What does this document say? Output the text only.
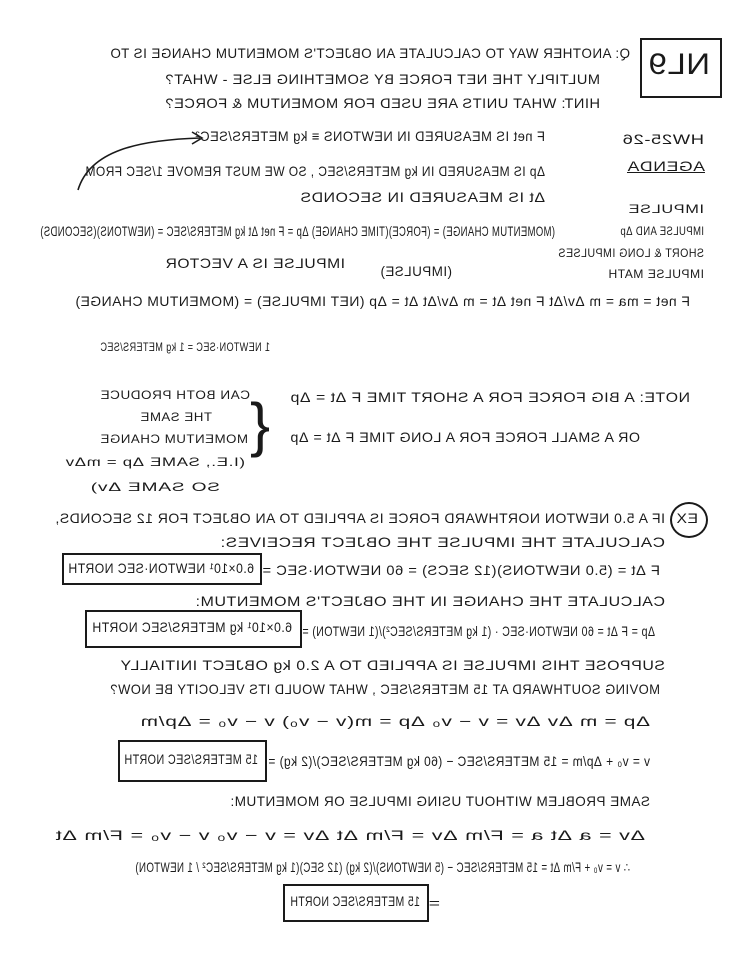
NL9
Q: ANOTHER WAY TO CALCULATE AN OBJECT'S MOMENTUM CHANGE IS TO
MULTIPLY THE NET FORCE BY SOMETHING ELSE - WHAT?
HINT: WHAT UNITS ARE USED FOR MOMENTUM & FORCE?
HW25-26
AGENDA
IMPULSE
IMPULSE AND Δp
SHORT & LONG IMPULSES
IMPULSE MATH
F net IS MEASURED IN NEWTONS ≡ kg METERS/SEC²
Δp IS MEASURED IN kg METERS/SEC , SO WE MUST REMOVE 1/SEC FROM
Δt IS MEASURED IN SECONDS
(MOMENTUM CHANGE) = (FORCE)(TIME CHANGE) Δp = F net Δt kg METERS/SEC = (NEWTONS)(SECONDS)
IMPULSE IS A VECTOR	(IMPULSE)
F net = ma = m Δv/Δt F net Δt = m Δv/Δt Δt = Δp (NET IMPULSE) = (MOMENTUM CHANGE)
1 NEWTON·SEC = 1 kg METERS/SEC
NOTE: A BIG FORCE FOR A SHORT TIME F Δt = Δp
OR A SMALL FORCE FOR A LONG TIME F Δt = Δp
{
CAN BOTH PRODUCE
THE SAME
MOMENTUM CHANGE
(I.E., SAME Δp = mΔv
SO SAME Δv)
EX
IF A 5.0 NEWTON NORTHWARD FORCE IS APPLIED TO AN OBJECT FOR 12 SECONDS,
CALCULATE THE IMPULSE THE OBJECT RECEIVES:
F Δt = (5.0 NEWTONS)(12 SECS) = 60 NEWTON·SEC =
6.0×10¹ NEWTON·SEC NORTH
CALCULATE THE CHANGE IN THE OBJECT'S MOMENTUM:
Δp = F Δt = 60 NEWTON·SEC · (1 kg METERS/SEC²)/(1 NEWTON) =
6.0×10¹ kg METERS/SEC NORTH
SUPPOSE THIS IMPULSE IS APPLIED TO A 2.0 kg OBJECT INITIALLY
MOVING SOUTHWARD AT 15 METERS/SEC , WHAT WOULD ITS VELOCITY BE NOW?
Δp = m Δv Δv = v − v₀ Δp = m(v − v₀) v − v₀ = Δp/m
v = v₀ + Δp/m = 15 METERS/SEC − (60 kg METERS/SEC)/(2 kg) =
15 METERS/SEC NORTH
SAME PROBLEM WITHOUT USING IMPULSE OR MOMENTUM:
Δv = a Δt a = F/m Δv = F/m Δt Δv = v − v₀ v − v₀ = F/m Δt
∴ v = v₀ + F/m Δt = 15 METERS/SEC − (5 NEWTONS)/(2 kg) (12 SEC)(1 kg METERS/SEC² / 1 NEWTON)
=
15 METERS/SEC NORTH
